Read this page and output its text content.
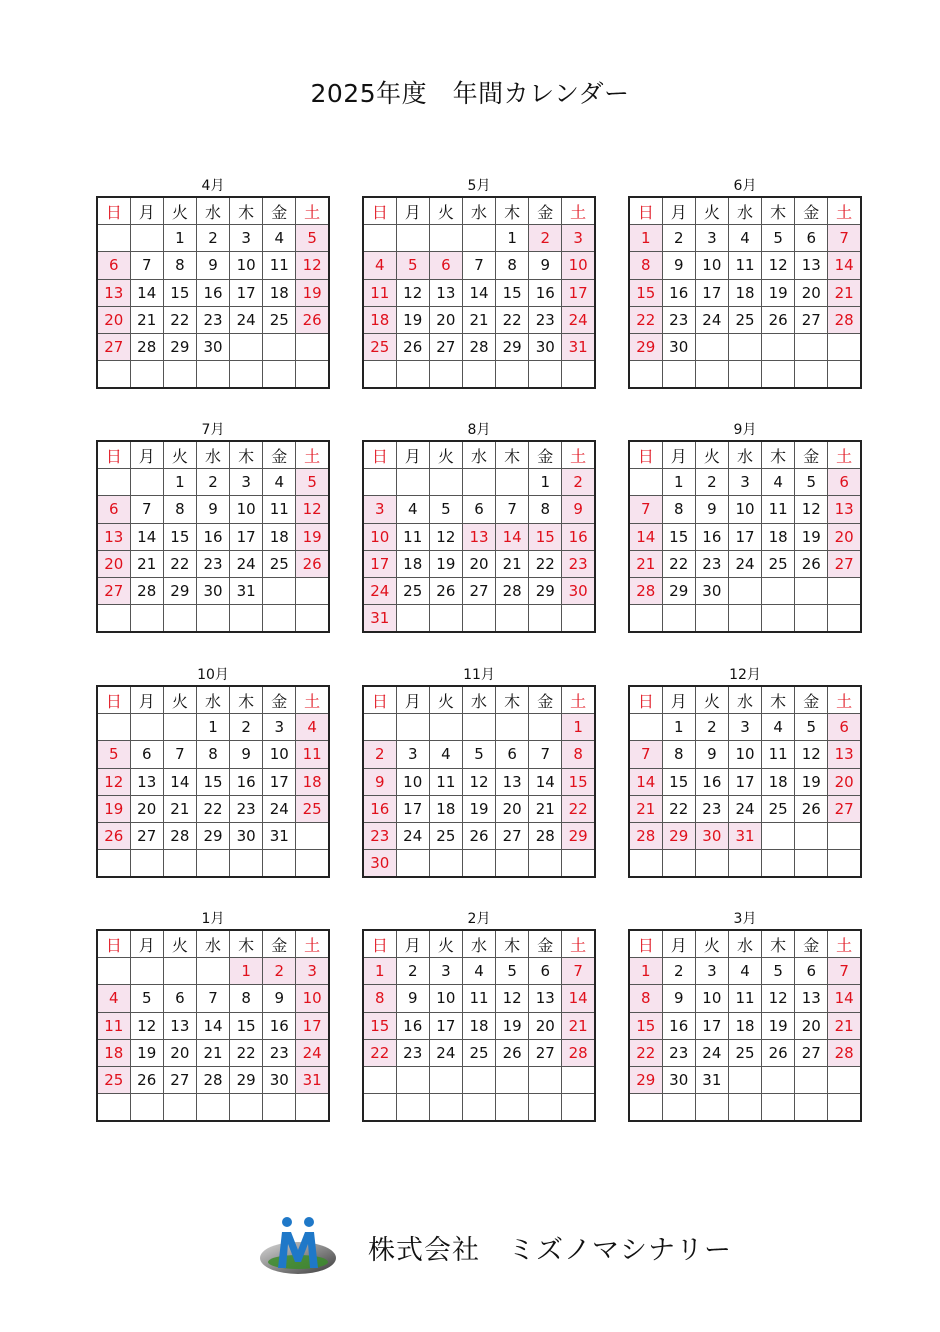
2025年度　年間カレンダー
4月
日	月	火	水	木	金	土
		1	2	3	4	5
6	7	8	9	10	11	12
13	14	15	16	17	18	19
20	21	22	23	24	25	26
27	28	29	30			

5月
日	月	火	水	木	金	土
				1	2	3
4	5	6	7	8	9	10
11	12	13	14	15	16	17
18	19	20	21	22	23	24
25	26	27	28	29	30	31

6月
日	月	火	水	木	金	土
1	2	3	4	5	6	7
8	9	10	11	12	13	14
15	16	17	18	19	20	21
22	23	24	25	26	27	28
29	30					

7月
日	月	火	水	木	金	土
		1	2	3	4	5
6	7	8	9	10	11	12
13	14	15	16	17	18	19
20	21	22	23	24	25	26
27	28	29	30	31		

8月
日	月	火	水	木	金	土
					1	2
3	4	5	6	7	8	9
10	11	12	13	14	15	16
17	18	19	20	21	22	23
24	25	26	27	28	29	30
31						
9月
日	月	火	水	木	金	土
	1	2	3	4	5	6
7	8	9	10	11	12	13
14	15	16	17	18	19	20
21	22	23	24	25	26	27
28	29	30				

10月
日	月	火	水	木	金	土
			1	2	3	4
5	6	7	8	9	10	11
12	13	14	15	16	17	18
19	20	21	22	23	24	25
26	27	28	29	30	31	

11月
日	月	火	水	木	金	土
						1
2	3	4	5	6	7	8
9	10	11	12	13	14	15
16	17	18	19	20	21	22
23	24	25	26	27	28	29
30						
12月
日	月	火	水	木	金	土
	1	2	3	4	5	6
7	8	9	10	11	12	13
14	15	16	17	18	19	20
21	22	23	24	25	26	27
28	29	30	31			

1月
日	月	火	水	木	金	土
				1	2	3
4	5	6	7	8	9	10
11	12	13	14	15	16	17
18	19	20	21	22	23	24
25	26	27	28	29	30	31

2月
日	月	火	水	木	金	土
1	2	3	4	5	6	7
8	9	10	11	12	13	14
15	16	17	18	19	20	21
22	23	24	25	26	27	28

3月
日	月	火	水	木	金	土
1	2	3	4	5	6	7
8	9	10	11	12	13	14
15	16	17	18	19	20	21
22	23	24	25	26	27	28
29	30	31				

株式会社　ミズノマシナリー
